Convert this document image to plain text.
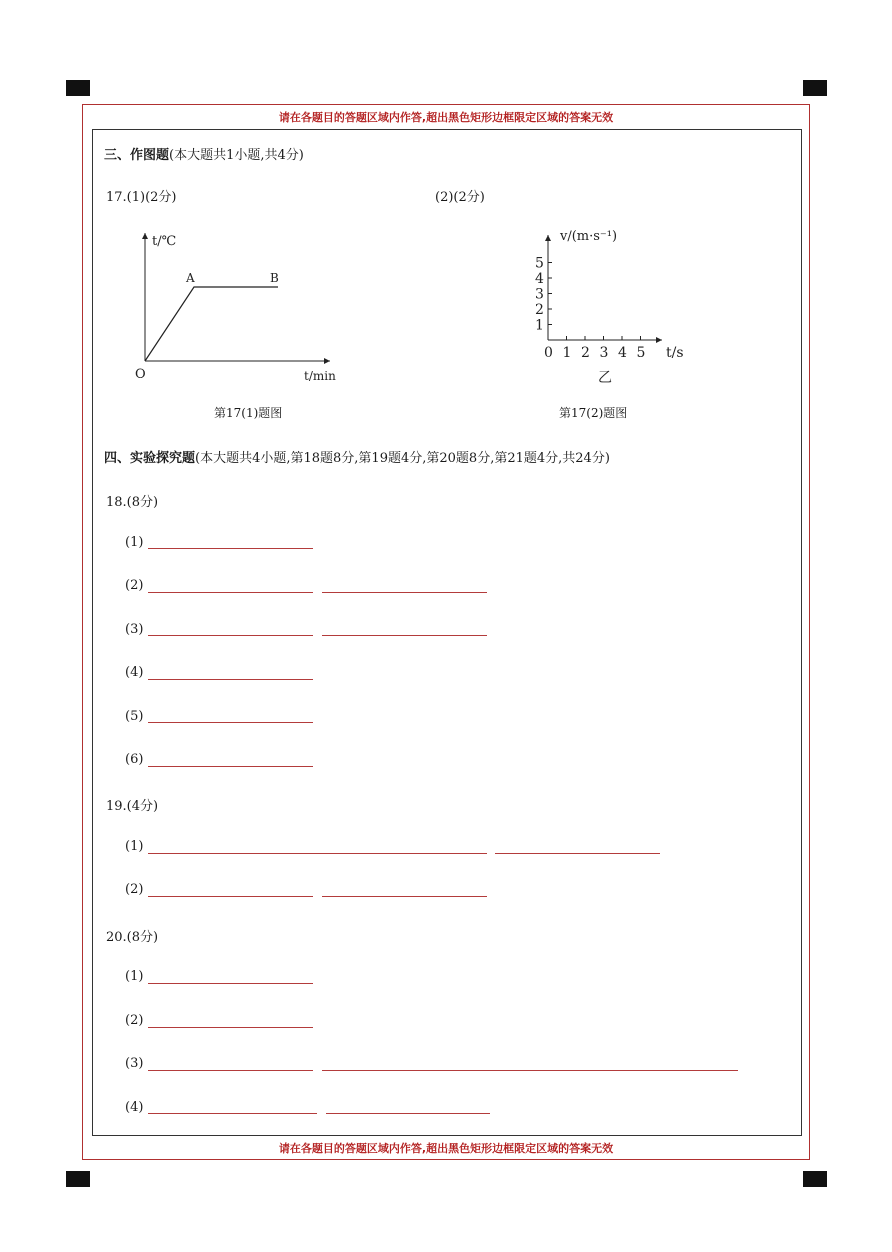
请在各题目的答题区域内作答,超出黑色矩形边框限定区域的答案无效
请在各题目的答题区域内作答,超出黑色矩形边框限定区域的答案无效
三、作图题(本大题共1小题,共4分)
17.(1)(2分)	(2)(2分)
t/℃
A	B
O	t/min
第17(1)题图
v/(m·s⁻¹)
0	t/s
乙
1 2 3 4 5
1
2
3
4
5
第17(2)题图
四、实验探究题(本大题共4小题,第18题8分,第19题4分,第20题8分,第21题4分,共24分)
18.(8分)
(1)
(2)
(3)
(4)
(5)
(6)
19.(4分)
(1)
(2)
20.(8分)
(1)
(2)
(3)
(4)
